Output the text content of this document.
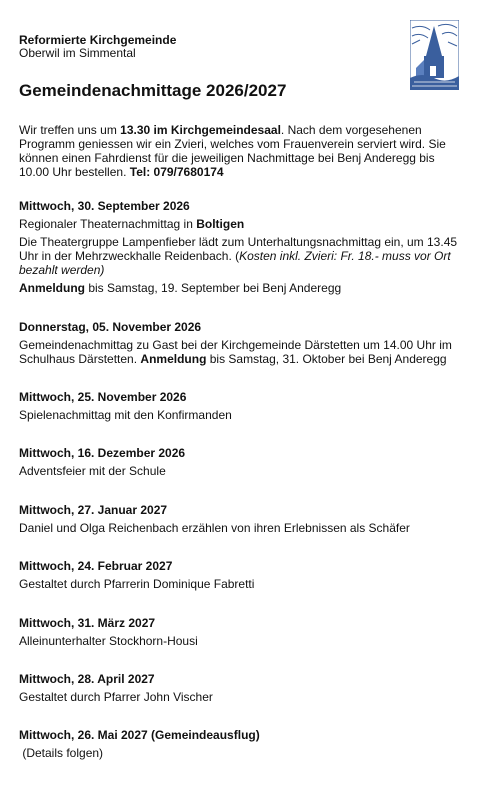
Reformierte Kirchgemeinde
Oberwil im Simmental
Gemeindenachmittage 2026/2027

Wir treffen uns um 13.30 im Kirchgemeindesaal. Nach dem vorgesehenen Programm geniessen wir ein Zvieri, welches vom Frauenverein serviert wird. Sie können einen Fahrdienst für die jeweiligen Nachmittage bei Benj Anderegg bis 10.00 Uhr bestellen. Tel: 079/7680174

Mittwoch, 30. September 2026

Regionaler Theaternachmittag in Boltigen

Die Theatergruppe Lampenfieber lädt zum Unterhaltungsnachmittag ein, um 13.45 Uhr in der Mehrzweckhalle Reidenbach. (Kosten inkl. Zvieri: Fr. 18.- muss vor Ort bezahlt werden)

Anmeldung bis Samstag, 19. September bei Benj Anderegg

Donnerstag, 05. November 2026

Gemeindenachmittag zu Gast bei der Kirchgemeinde Därstetten um 14.00 Uhr im Schulhaus Därstetten. Anmeldung bis Samstag, 31. Oktober bei Benj Anderegg

Mittwoch, 25. November 2026

Spielenachmittag mit den Konfirmanden

Mittwoch, 16. Dezember 2026

Adventsfeier mit der Schule

Mittwoch, 27. Januar 2027

Daniel und Olga Reichenbach erzählen von ihren Erlebnissen als Schäfer

Mittwoch, 24. Februar 2027

Gestaltet durch Pfarrerin Dominique Fabretti

Mittwoch, 31. März 2027

Alleinunterhalter Stockhorn-Housi

Mittwoch, 28. April 2027

Gestaltet durch Pfarrer John Vischer

Mittwoch, 26. Mai 2027 (Gemeindeausflug)

(Details folgen)
